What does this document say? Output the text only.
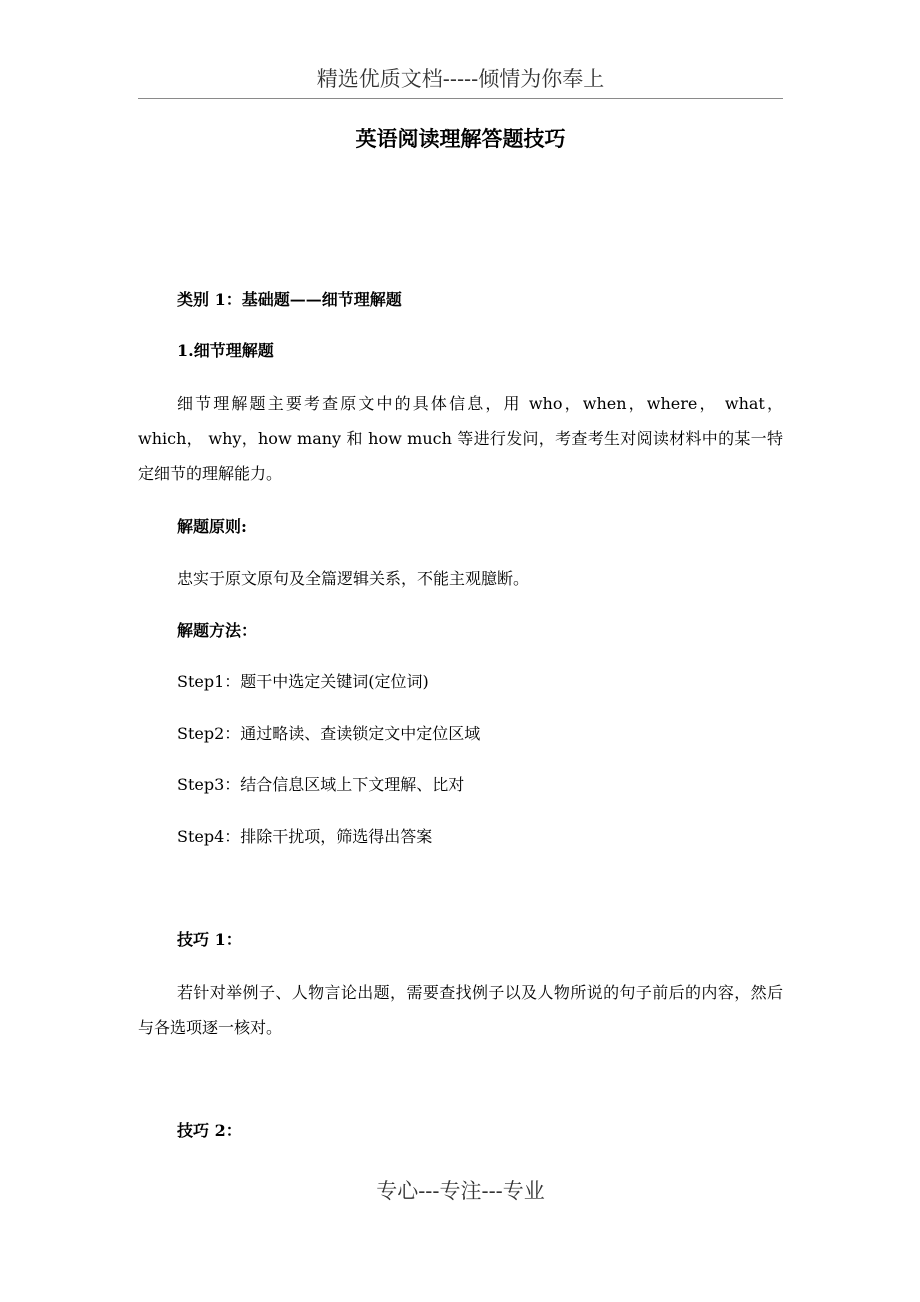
精选优质文档-----倾情为你奉上
英语阅读理解答题技巧
类别 1：基础题——细节理解题
1.细节理解题
细节理解题主要考查原文中的具体信息，用 who，when，where， what，which， why，how many 和 how much 等进行发问，考查考生对阅读材料中的某一特定细节的理解能力。
解题原则:
忠实于原文原句及全篇逻辑关系，不能主观臆断。
解题方法：
Step1：题干中选定关键词(定位词)
Step2：通过略读、查读锁定文中定位区域
Step3：结合信息区域上下文理解、比对
Step4：排除干扰项，筛选得出答案
技巧 1：
若针对举例子、人物言论出题，需要查找例子以及人物所说的句子前后的内容，然后与各选项逐一核对。
技巧 2：
专心---专注---专业
